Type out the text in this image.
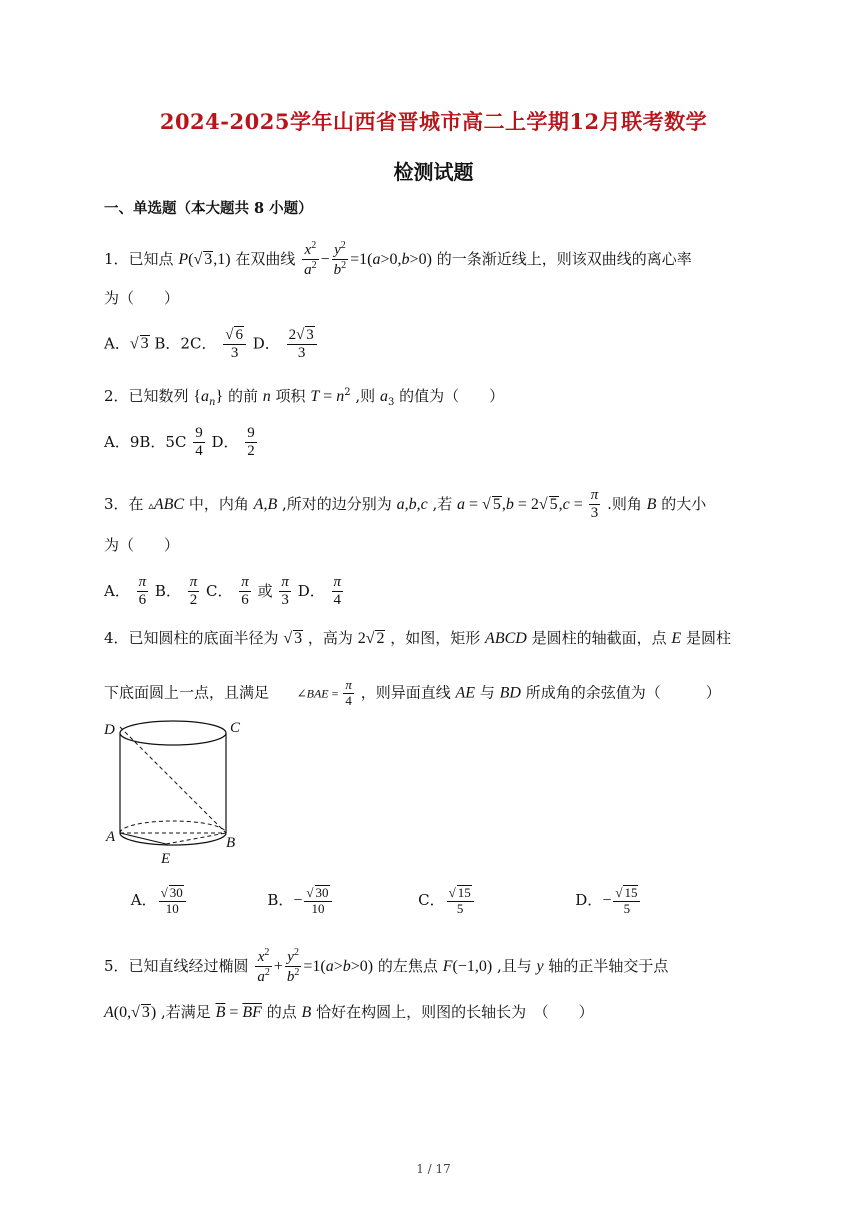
2024-2025学年山西省晋城市高二上学期12月联考数学
检测试题
一、单选题（本大题共 8 小题）
1．已知点 P(√ 3,1) 在双曲线 $\frac{x^2}{a^2} - \frac{y^2}{b^2} =1(a>0,b>0)$ 的一条渐近线上，则该双曲线的离心率
为（　　）
A．√ 3 B．2C． $\frac{√ 6}{3}$ D． $\frac{2√ 3}{3}$
2．已知数列 $\{a_n\}$ 的前 n 项积 $T = n^2$ ,则 $a_3$ 的值为（　　）
A．9B．$5C \frac{9}{4}$ D． $\frac{9}{2}$
3．在 ▵ABC 中，内角 A,B ,所对的边分别为 a,b,c ,若 a = √ 5,b = 2√ $5,c = \frac{\pi}{3}$ .则角 B 的大小
为（　　）
A． $\frac{\pi}{6}$ B． $\frac{\pi}{2}$ C． $\frac{\pi}{6}$ 或 $\frac{\pi}{3}$ D． $\frac{\pi}{4}$
4．已知圆柱的底面半径为 √ 3 ，高为 2√ 2 ，如图，矩形 ABCD 是圆柱的轴截面，点 E 是圆柱
下底面圆上一点，且满足 ∠BAE = $\frac{\pi}{4}$ ，则异面直线 AE 与 BD 所成角的余弦值为（　　　）
D	C
A	B
E
A． $\frac{√ 30}{10}$	B．− $\frac{√ 30}{10}$	C． $\frac{√ 15}{5}$	D．− $\frac{√ 15}{5}$
5．已知直线经过椭圆 $\frac{x^2}{a^2} + \frac{y^2}{b^2} =1(a>b>0)$ 的左焦点 F(−1,0) ,且与 y 轴的正半轴交于点
A(0,√ 3) ,若满足 $\overline{B} = \overline{BF}$ 的点 B 恰好在构圆上，则图的长轴长为　（　　）
1 / 17
